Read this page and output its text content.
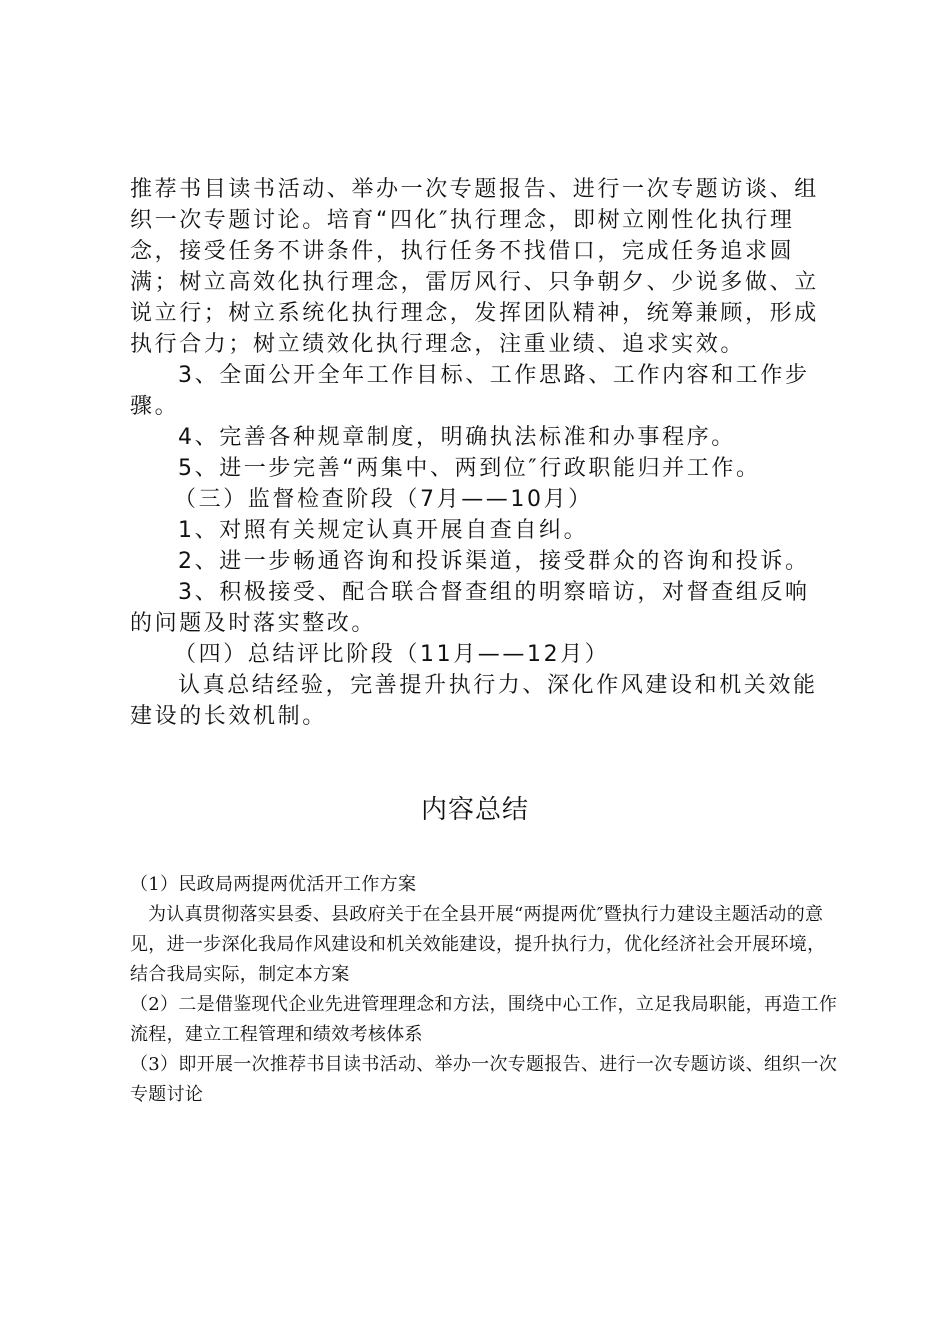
推荐书目读书活动、举办一次专题报告、进行一次专题访谈、组织一次专题讨论。培育“四化″执行理念，即树立刚性化执行理念，接受任务不讲条件，执行任务不找借口，完成任务追求圆满；树立高效化执行理念，雷厉风行、只争朝夕、少说多做、立说立行；树立系统化执行理念，发挥团队精神，统筹兼顾，形成执行合力；树立绩效化执行理念，注重业绩、追求实效。

3、全面公开全年工作目标、工作思路、工作内容和工作步骤。

4、完善各种规章制度，明确执法标准和办事程序。

5、进一步完善“两集中、两到位″行政职能归并工作。

（三）监督检查阶段（7月——10月）

1、对照有关规定认真开展自查自纠。

2、进一步畅通咨询和投诉渠道，接受群众的咨询和投诉。

3、积极接受、配合联合督查组的明察暗访，对督查组反响的问题及时落实整改。

（四）总结评比阶段（11月——12月）

认真总结经验，完善提升执行力、深化作风建设和机关效能建设的长效机制。

内容总结

（1）民政局两提两优活开工作方案

为认真贯彻落实县委、县政府关于在全县开展“两提两优″暨执行力建设主题活动的意见，进一步深化我局作风建设和机关效能建设，提升执行力，优化经济社会开展环境，结合我局实际，制定本方案

（2）二是借鉴现代企业先进管理理念和方法，围绕中心工作，立足我局职能，再造工作流程，建立工程管理和绩效考核体系

（3）即开展一次推荐书目读书活动、举办一次专题报告、进行一次专题访谈、组织一次专题讨论
